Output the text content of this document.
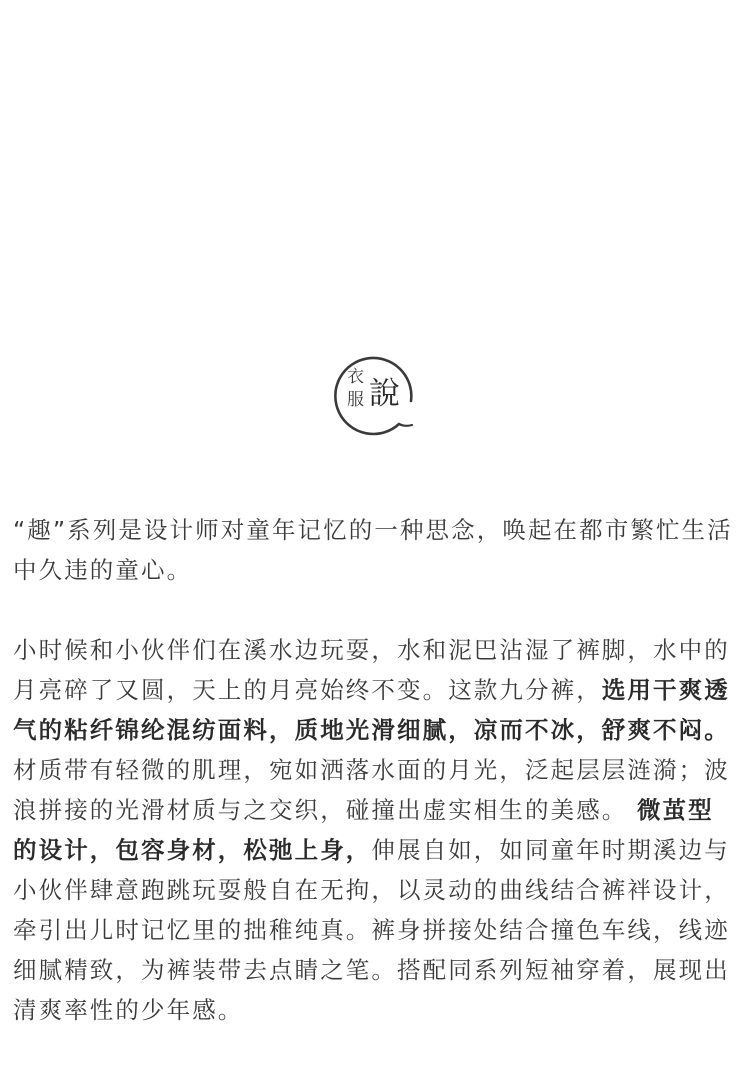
衣
服 說

“趣”系列是设计师对童年记忆的一种思念，唤起在都市繁忙生活中久违的童心。

小时候和小伙伴们在溪水边玩耍，水和泥巴沾湿了裤脚，水中的月亮碎了又圆，天上的月亮始终不变。这款九分裤，选用干爽透气的粘纤锦纶混纺面料，质地光滑细腻，凉而不冰，舒爽不闷。材质带有轻微的肌理，宛如洒落水面的月光，泛起层层涟漪；波浪拼接的光滑材质与之交织，碰撞出虚实相生的美感。 微茧型的设计，包容身材，松弛上身，伸展自如，如同童年时期溪边与小伙伴肆意跑跳玩耍般自在无拘，以灵动的曲线结合裤袢设计，牵引出儿时记忆里的拙稚纯真。裤身拼接处结合撞色车线，线迹细腻精致，为裤装带去点睛之笔。搭配同系列短袖穿着，展现出清爽率性的少年感。
